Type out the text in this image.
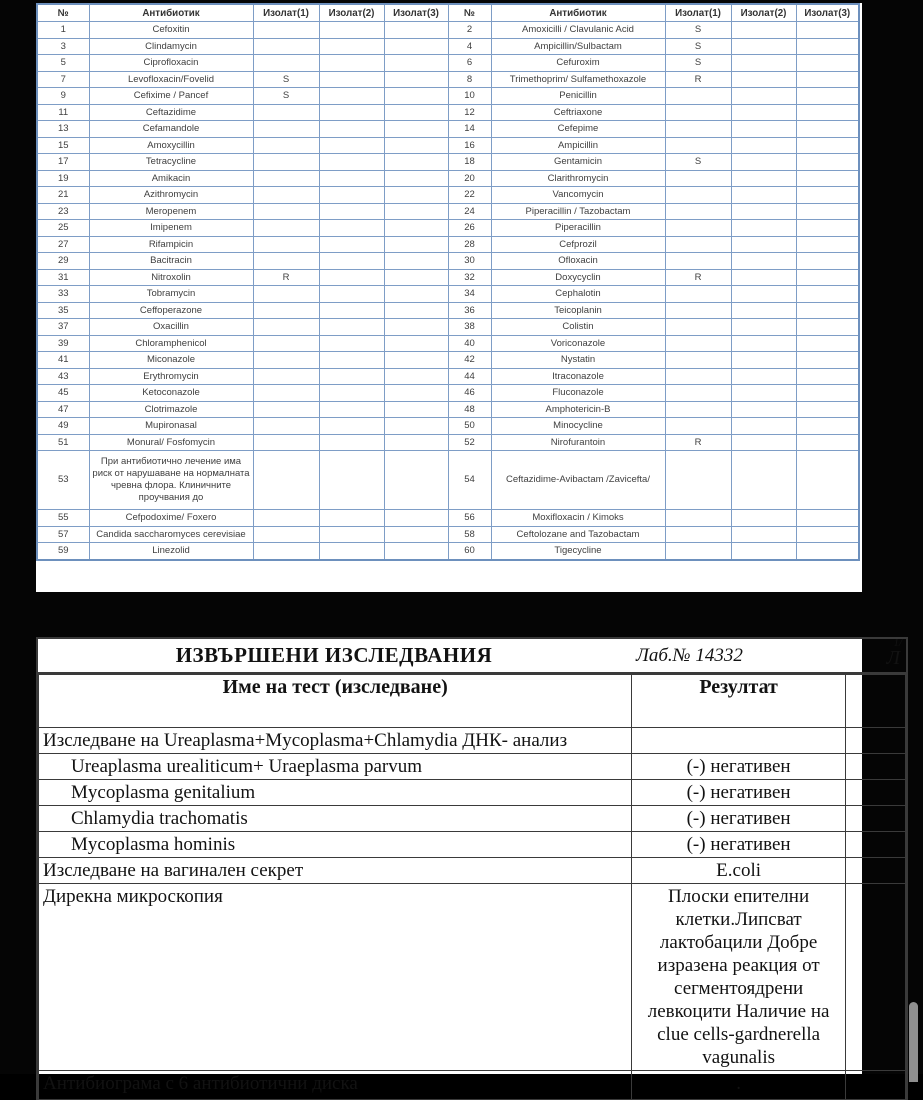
№	Антибиотик	Изолат(1)	Изолат(2)	Изолат(3)	№	Антибиотик	Изолат(1)	Изолат(2)	Изолат(3)
1	Cefoxitin				2	Amoxicilli / Clavulanic Acid	S		
3	Clindamycin				4	Ampicillin/Sulbactam	S		
5	Ciprofloxacin				6	Cefuroxim	S		
7	Levofloxacin/Fovelid	S			8	Trimethoprim/ Sulfamethoxazole	R		
9	Cefixime / Pancef	S			10	Penicillin			
11	Ceftazidime				12	Ceftriaxone			
13	Cefamandole				14	Cefepime			
15	Amoxycillin				16	Ampicillin			
17	Tetracycline				18	Gentamicin	S		
19	Amikacin				20	Clarithromycin			
21	Azithromycin				22	Vancomycin			
23	Meropenem				24	Piperacillin / Tazobactam			
25	Imipenem				26	Piperacillin			
27	Rifampicin				28	Cefprozil			
29	Bacitracin				30	Ofloxacin			
31	Nitroxolin	R			32	Doxycyclin	R		
33	Tobramycin				34	Cephalotin			
35	Ceffoperazone				36	Teicoplanin			
37	Oxacillin				38	Colistin			
39	Chloramphenicol				40	Voriconazole			
41	Miconazole				42	Nystatin			
43	Erythromycin				44	Itraconazole			
45	Ketoconazole				46	Fluconazole			
47	Clotrimazole				48	Amphotericin-B			
49	Mupironasal				50	Minocycline			
51	Monural/ Fosfomycin				52	Nirofurantoin	R		
53	При антибиотично лечение има риск от нарушаване на нормалната чревна флора. Клиничните проучвания до				54	Ceftazidime-Avibactam /Zavicefta/			
55	Cefpodoxime/ Foxero				56	Moxifloxacin / Kimoks			
57	Candida saccharomyces cerevisiae				58	Ceftolozane and Tazobactam			
59	Linezolid				60	Tigecycline			
ИЗВЪРШЕНИ ИЗСЛЕДВАНИЯ	Лаб.№ 14332
1/
Л
Име на тест (изследване)	Резултат	
Изследване на Ureaplasma+Mycoplasma+Chlamydia ДНК- анализ		
Ureaplasma urealiticum+ Uraeplasma parvum	(-) негативен	
Mycoplasma genitalium	(-) негативен	
Chlamydia trachomatis	(-) негативен	
Mycoplasma hominis	(-) негативен	
Изследване на вагинален секрет	E.coli	
Дирекна микроскопия	Плоски епителни клетки.Липсват лактобацили Добре изразена реакция от сегментоядрени левкоцити Наличие на clue cells-gardnerella vagunalis	
Антибиограма с 6 антибиотични диска	.	
